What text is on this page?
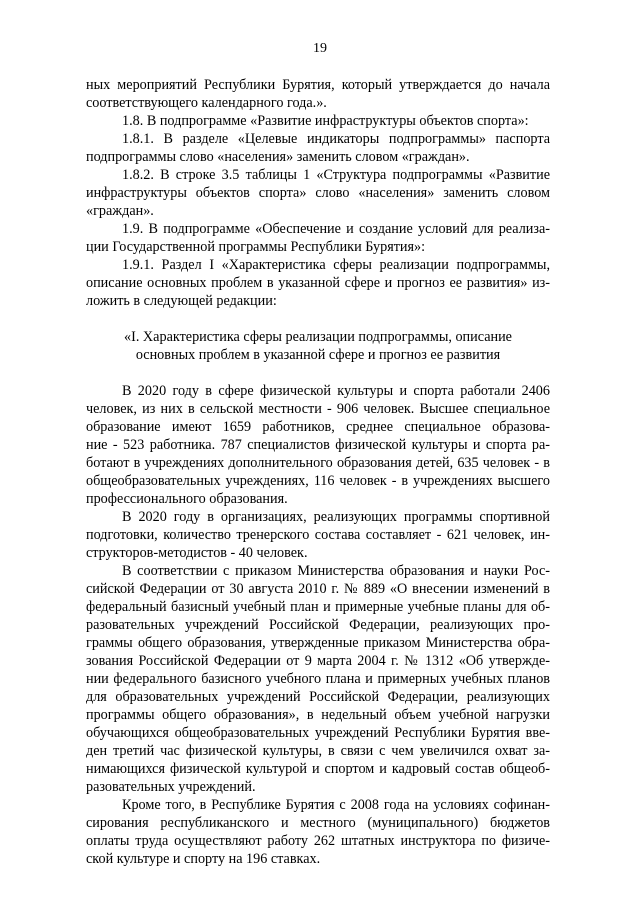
19
ных мероприятий Республики Бурятия, который утверждается до начала
соответствующего календарного года.».
1.8. В подпрограмме «Развитие инфраструктуры объектов спорта»:
1.8.1. В разделе «Целевые индикаторы подпрограммы» паспорта
подпрограммы слово «населения» заменить словом «граждан».
1.8.2. В строке 3.5 таблицы 1 «Структура подпрограммы «Развитие
инфраструктуры объектов спорта» слово «населения» заменить словом
«граждан».
1.9. В подпрограмме «Обеспечение и создание условий для реализа-
ции Государственной программы Республики Бурятия»:
1.9.1. Раздел I «Характеристика сферы реализации подпрограммы,
описание основных проблем в указанной сфере и прогноз ее развития» из-
ложить в следующей редакции:
«I. Характеристика сферы реализации подпрограммы, описание
основных проблем в указанной сфере и прогноз ее развития
В 2020 году в сфере физической культуры и спорта работали 2406
человек, из них в сельской местности - 906 человек. Высшее специальное
образование имеют 1659 работников, среднее специальное образова-
ние - 523 работника. 787 специалистов физической культуры и спорта ра-
ботают в учреждениях дополнительного образования детей, 635 человек - в
общеобразовательных учреждениях, 116 человек - в учреждениях высшего
профессионального образования.
В 2020 году в организациях, реализующих программы спортивной
подготовки, количество тренерского состава составляет - 621 человек, ин-
структоров-методистов - 40 человек.
В соответствии с приказом Министерства образования и науки Рос-
сийской Федерации от 30 августа 2010 г. № 889 «О внесении изменений в
федеральный базисный учебный план и примерные учебные планы для об-
разовательных учреждений Российской Федерации, реализующих про-
граммы общего образования, утвержденные приказом Министерства обра-
зования Российской Федерации от 9 марта 2004 г. № 1312 «Об утвержде-
нии федерального базисного учебного плана и примерных учебных планов
для образовательных учреждений Российской Федерации, реализующих
программы общего образования», в недельный объем учебной нагрузки
обучающихся общеобразовательных учреждений Республики Бурятия вве-
ден третий час физической культуры, в связи с чем увеличился охват за-
нимающихся физической культурой и спортом и кадровый состав общеоб-
разовательных учреждений.
Кроме того, в Республике Бурятия с 2008 года на условиях софинан-
сирования республиканского и местного (муниципального) бюджетов
оплаты труда осуществляют работу 262 штатных инструктора по физиче-
ской культуре и спорту на 196 ставках.
